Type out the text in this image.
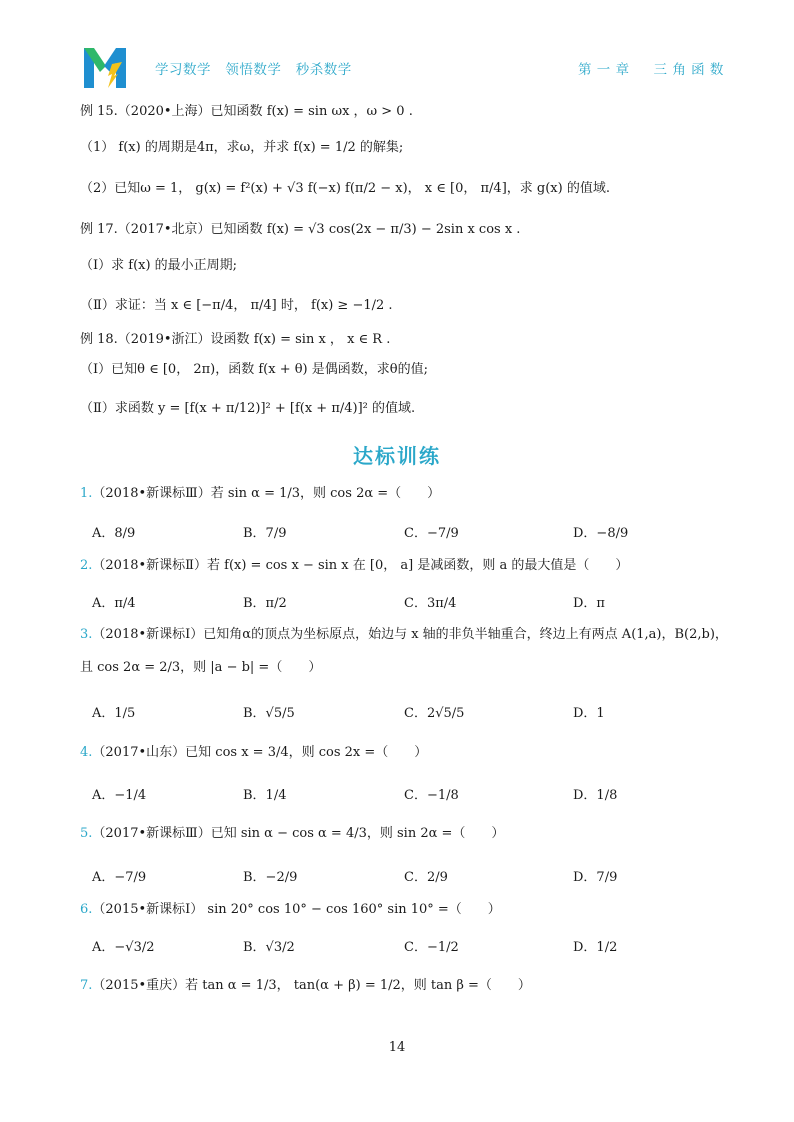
学习数学   领悟数学   秒杀数学	第 一 章     三 角 函 数
例 15.（2020•上海）已知函数 f(x) = sin ωx ，ω > 0 .
（1） f(x) 的周期是4π，求ω，并求 f(x) = 1/2 的解集;
（2）已知ω = 1， g(x) = f²(x) + √3 f(−x) f(π/2 − x)， x ∈ [0， π/4]，求 g(x) 的值域.
例 17.（2017•北京）已知函数 f(x) = √3 cos(2x − π/3) − 2sin x cos x .
（Ⅰ）求 f(x) 的最小正周期;
（Ⅱ）求证：当 x ∈ [−π/4， π/4] 时， f(x) ≥ −1/2 .
例 18.（2019•浙江）设函数 f(x) = sin x ， x ∈ R .
（Ⅰ）已知θ ∈ [0， 2π)，函数 f(x + θ) 是偶函数，求θ的值;
（Ⅱ）求函数 y = [f(x + π/12)]² + [f(x + π/4)]² 的值域.
达标训练
1.（2018•新课标Ⅲ）若 sin α = 1/3，则 cos 2α =（　　）
A．8/9	B．7/9	C．−7/9	D．−8/9
2.（2018•新课标Ⅱ）若 f(x) = cos x − sin x 在 [0， a] 是减函数，则 a 的最大值是（　　）
A．π/4	B．π/2	C．3π/4	D．π
3.（2018•新课标Ⅰ）已知角α的顶点为坐标原点，始边与 x 轴的非负半轴重合，终边上有两点 A(1,a)，B(2,b)，
且 cos 2α = 2/3，则 |a − b| =（　　）
A．1/5	B．√5/5	C．2√5/5	D．1
4.（2017•山东）已知 cos x = 3/4，则 cos 2x =（　　）
A．−1/4	B．1/4	C．−1/8	D．1/8
5.（2017•新课标Ⅲ）已知 sin α − cos α = 4/3，则 sin 2α =（　　）
A．−7/9	B．−2/9	C．2/9	D．7/9
6.（2015•新课标Ⅰ） sin 20° cos 10° − cos 160° sin 10° =（　　）
A．−√3/2	B．√3/2	C．−1/2	D．1/2
7.（2015•重庆）若 tan α = 1/3， tan(α + β) = 1/2，则 tan β =（　　）
14
